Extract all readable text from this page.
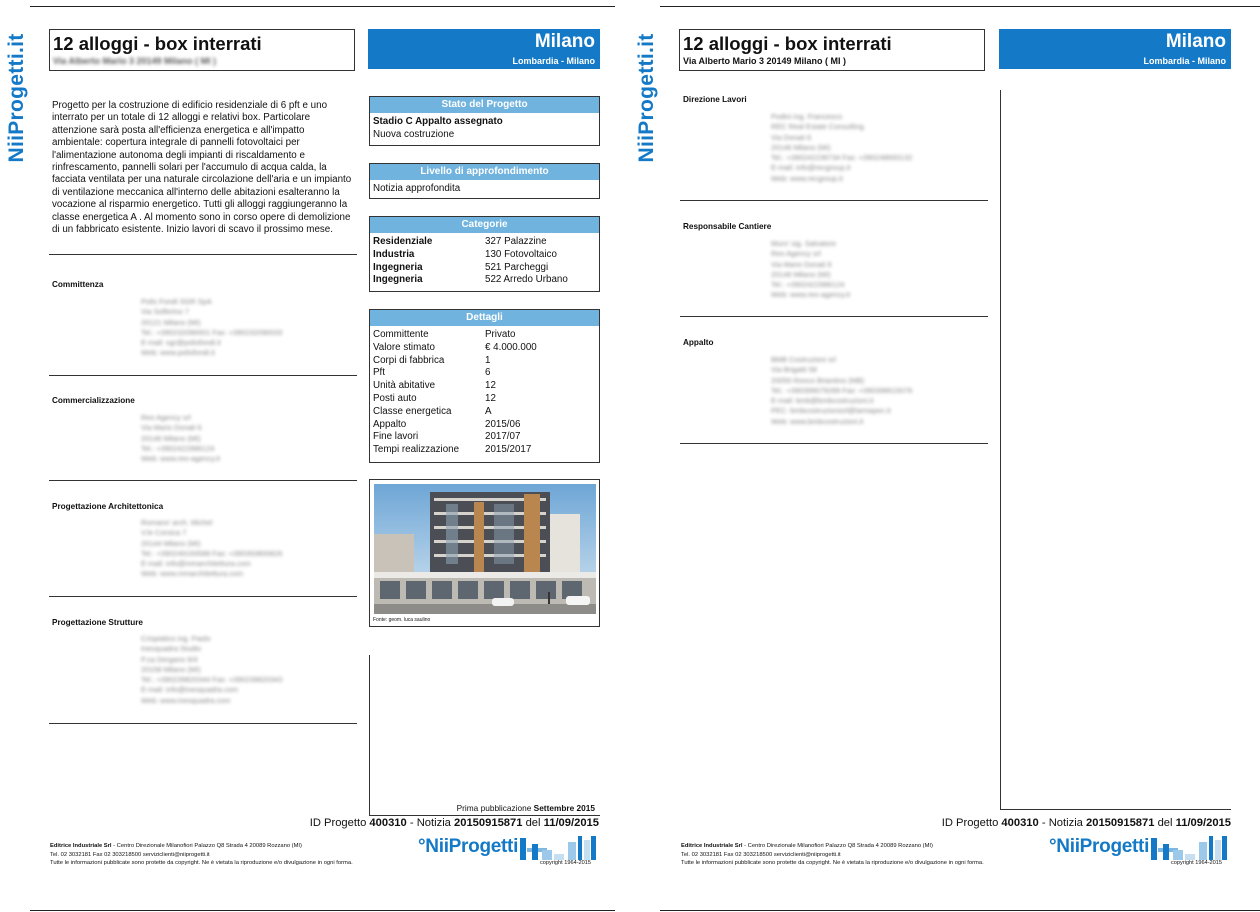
NiiProgetti.it 12 alloggi - box interrati
Via Alberto Mario 3 20149 Milano ( MI )
Milano
Lombardia - Milano
Progetto per la costruzione di edificio residenziale di 6 pft e uno interrato per un totale di 12 alloggi e relativi box. Particolare attenzione sarà posta all'efficienza energetica e all'impatto ambientale: copertura integrale di pannelli fotovoltaici per l'alimentazione autonoma degli impianti di riscaldamento e rinfrescamento, pannelli solari per l'accumulo di acqua calda, la facciata ventilata per una naturale circolazione dell'aria e un impianto di ventilazione meccanica all'interno delle abitazioni esalteranno la vocazione al risparmio energetico. Tutti gli alloggi raggiungeranno la classe energetica A . Al momento sono in corso opere di demolizione di un fabbricato esistente. Inizio lavori di scavo il prossimo mese.
Committenza
Polis Fondi SGR SpA
Via Solferino 7
20121 Milano (MI)
Tel.: +390232090001 Fax: +390232090033
E-mail: sgr@polisfondi.it
Web: www.polisfondi.it
Commercializzazione
Reo Agency srl
Via Mario Donati 6
20146 Milano (MI)
Tel.: +3902422996124
Web: www.reo-agency.it
Progettazione Architettonica
Romano' arch. Michel
V.le Corsica 7
20144 Milano (MI)
Tel.: +390249193588 Fax: +390393800826
E-mail: info@mmarchitettura.com
Web: www.mmarchitettura.com
Progettazione Strutture
Crispiatico ing. Paolo
Inesquadra Studio
P.za Dergano 9/4
20158 Milano (MI)
Tel.: +390239820344 Fax: +390239820343
E-mail: info@inesquadra.com
Web: www.inesquadra.com
Stato del Progetto
Stadio C Appalto assegnato
Nuova costruzione
Livello di approfondimento
Notizia approfondita
Categorie
Residenziale	327 Palazzine
Industria	130 Fotovoltaico
Ingegneria	521 Parcheggi
Ingegneria	522 Arredo Urbano
Dettagli
Committente	Privato
Valore stimato	€ 4.000.000
Corpi di fabbrica	1
Pft	6
Unità abitative	12
Posti auto	12
Classe energetica	A
Appalto	2015/06
Fine lavori	2017/07
Tempi realizzazione	2015/2017
Fonte: geom. luca saulino
Prima pubblicazione Settembre 2015
ID Progetto 400310 - Notizia 20150915871 del 11/09/2015
Editrice Industriale Srl - Centro Direzionale Milanofiori Palazzo Q8 Strada 4 20089 Rozzano (MI)
Tel. 02 3032181 Fax 02 303218500 serviziclienti@niiprogetti.it
Tutte le informazioni pubblicate sono protette da copyright. Ne è vietata la riproduzione e/o divulgazione in ogni forma.
°NiiProgetti
copyright 1964-2015
NiiProgetti.it 12 alloggi - box interrati
Via Alberto Mario 3 20149 Milano ( MI )
Milano
Lombardia - Milano
Direzione Lavori
Podini ing. Francesco
REC Real Estate Consulting
Via Donati 6
20146 Milano (MI)
Tel.: +390242239734 Fax: +390248693132
E-mail: info@recgroup.it
Web: www.recgroup.it
Responsabile Cantiere
Muro' sig. Salvatore
Reo Agency srl
Via Mario Donati 6
20146 Milano (MI)
Tel.: +3902422996124
Web: www.reo-agency.it
Appalto
BMB Costruzioni srl
Via Brigatti 58
20050 Ronco Briantino (MB)
Tel.: +390399079289 Fax: +390398615076
E-mail: bmb@bmbcostruzioni.it
PEC: bmbcostruzionisrl@lamiapec.it
Web: www.bmbcostruzioni.it
ID Progetto 400310 - Notizia 20150915871 del 11/09/2015
Editrice Industriale Srl - Centro Direzionale Milanofiori Palazzo Q8 Strada 4 20089 Rozzano (MI)
Tel. 02 3032181 Fax 02 303218500 serviziclienti@niiprogetti.it
Tutte le informazioni pubblicate sono protette da copyright. Ne è vietata la riproduzione e/o divulgazione in ogni forma.
°NiiProgetti
copyright 1964-2015
